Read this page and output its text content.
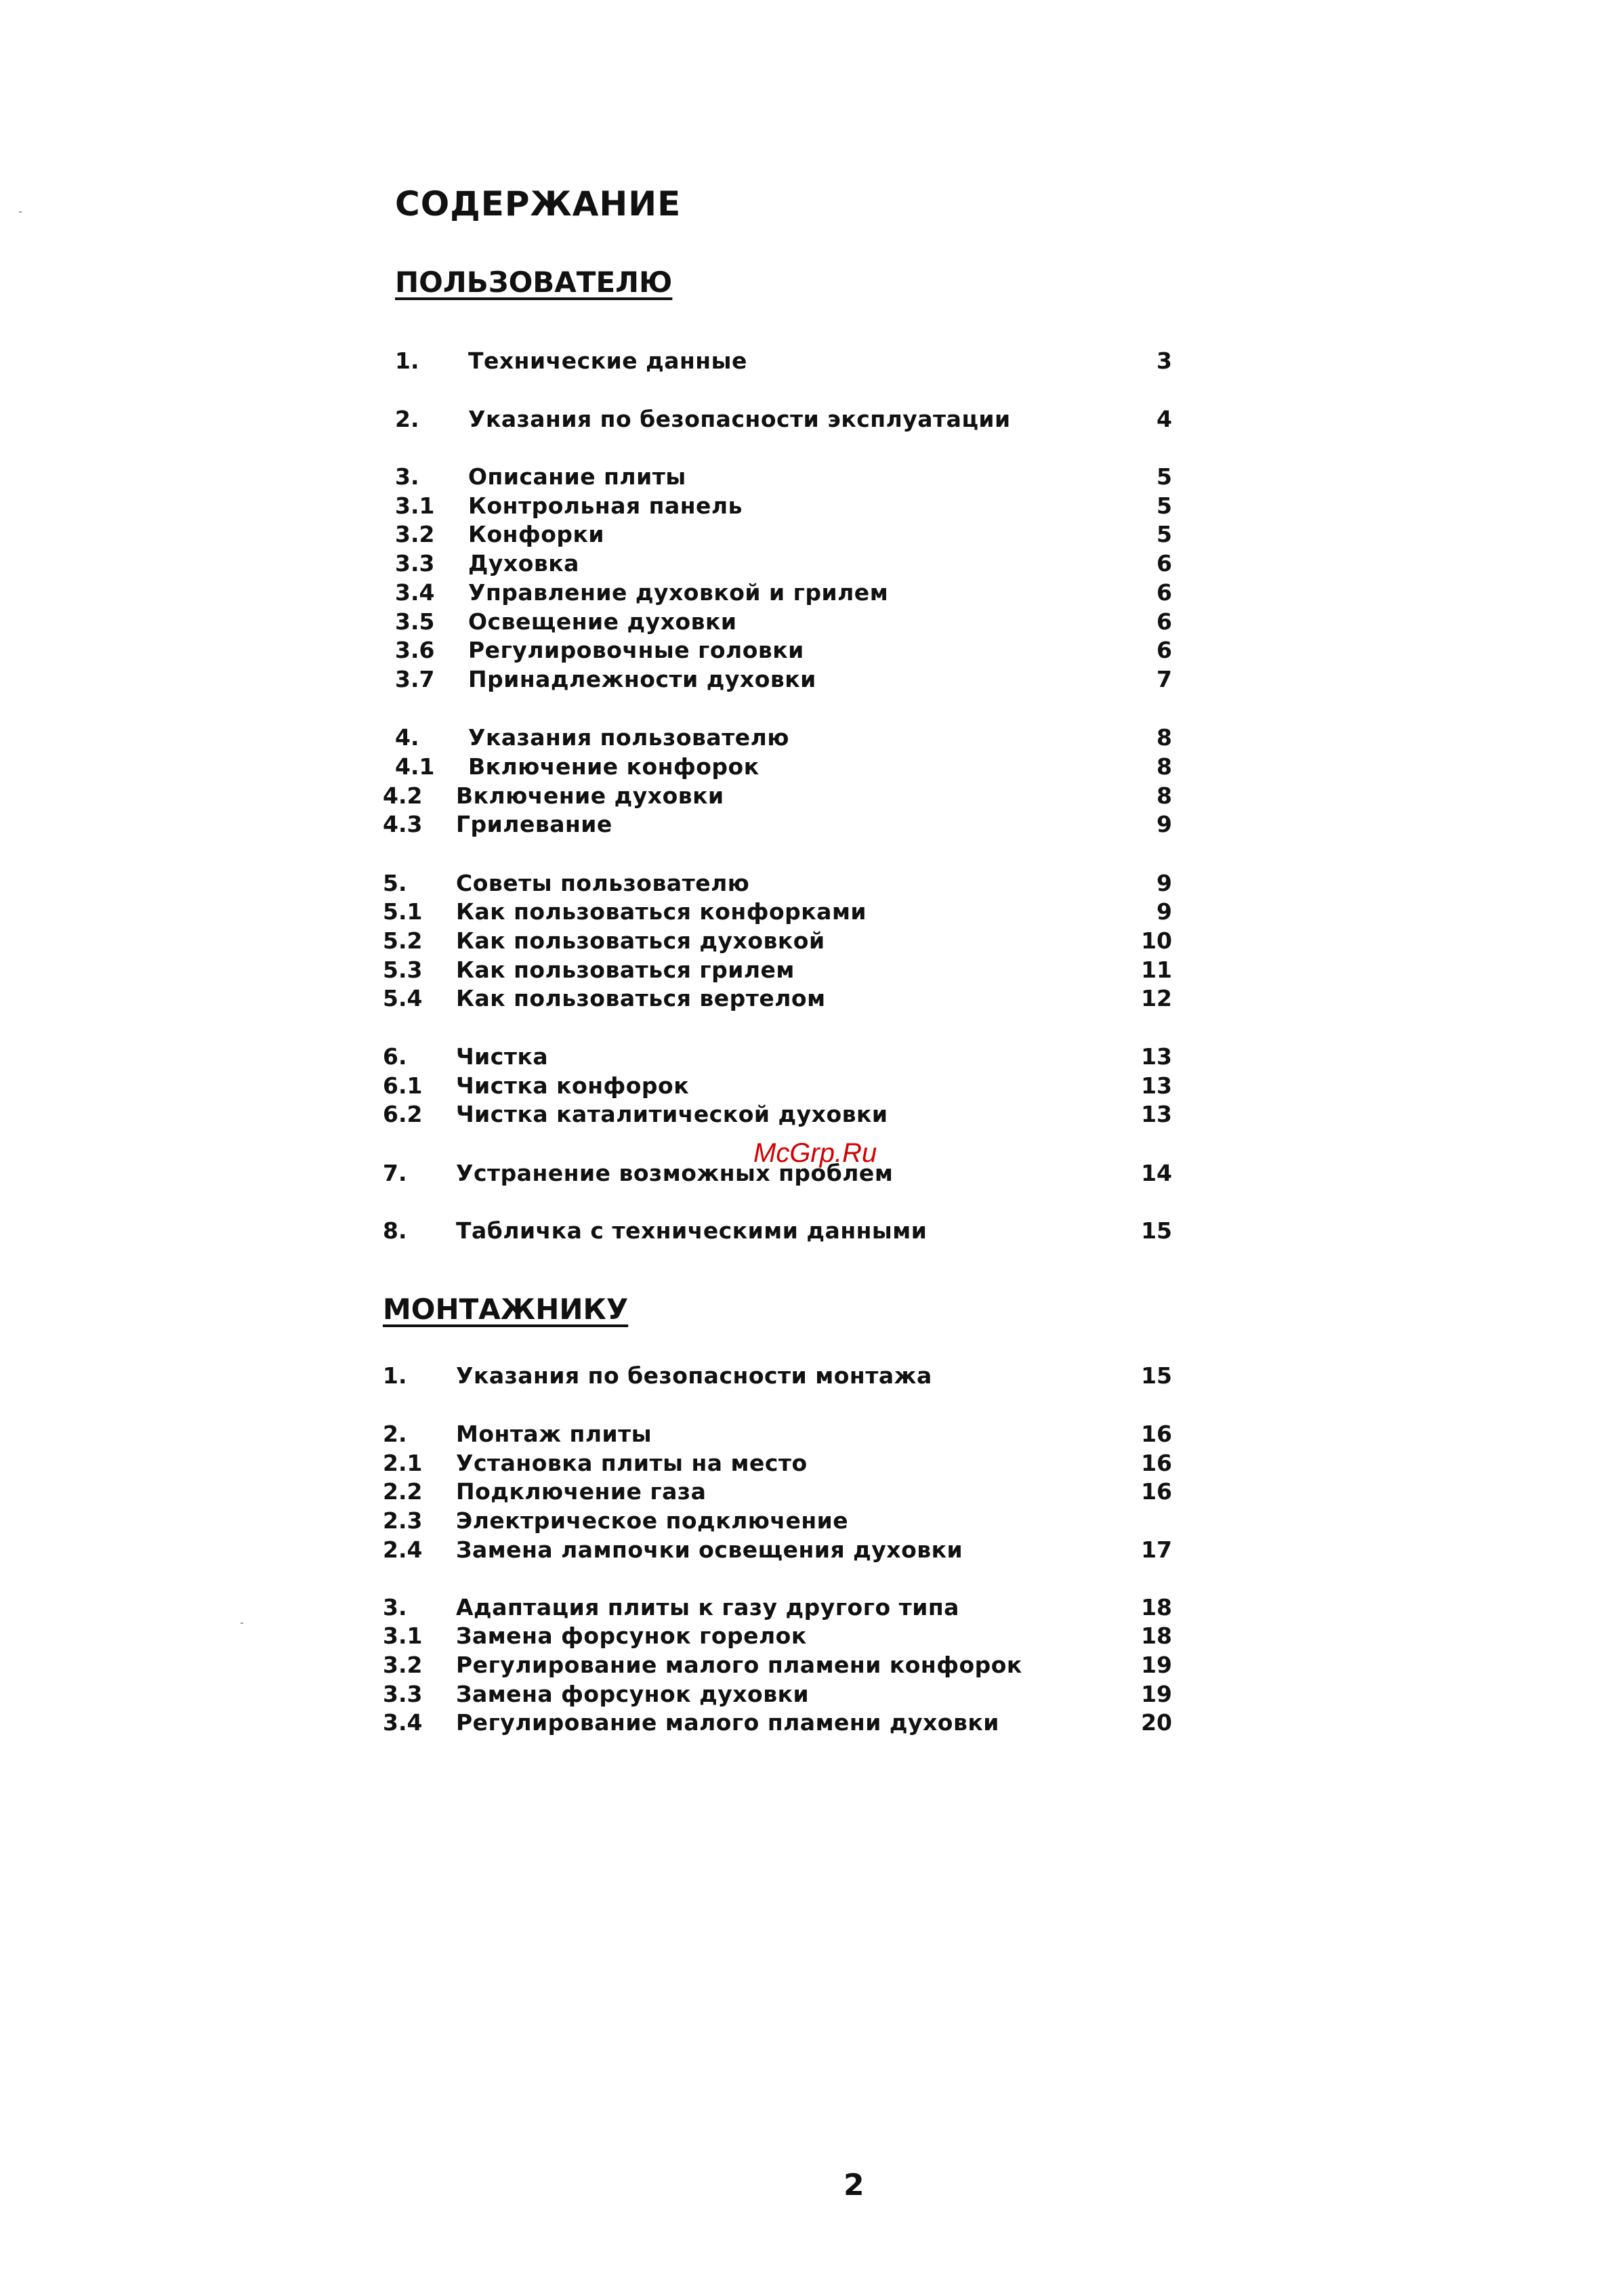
СОДЕРЖАНИЕ
ПОЛЬЗОВАТЕЛЮ
1. Технические данные	3
2. Указания по безопасности эксплуатации	4
3. Описание плиты	5
3.1 Контрольная панель	5
3.2 Конфорки	5
3.3 Духовка	6
3.4 Управление духовкой и грилем	6
3.5 Освещение духовки	6
3.6 Регулировочные головки	6
3.7 Принадлежности духовки	7
4. Указания пользователю	8
4.1 Включение конфорок	8
4.2 Включение духовки	8
4.3 Грилевание	9
5. Советы пользователю	9
5.1 Как пользоваться конфорками	9
5.2 Как пользоваться духовкой	10
5.3 Как пользоваться грилем	11
5.4 Как пользоваться вертелом	12
6. Чистка	13
6.1 Чистка конфорок	13
6.2 Чистка каталитической духовки	13
7. Устранение возможных проблем	14
8. Табличка с техническими данными	15
МОНТАЖНИКУ
1. Указания по безопасности монтажа	15
2. Монтаж плиты	16
2.1 Установка плиты на место	16
2.2 Подключение газа	16
2.3 Электрическое подключение
2.4 Замена лампочки освещения духовки	17
3. Адаптация плиты к газу другого типа	18
3.1 Замена форсунок горелок	18
3.2 Регулирование малого пламени конфорок	19
3.3 Замена форсунок духовки	19
3.4 Регулирование малого пламени духовки	20
McGrp.Ru
2
